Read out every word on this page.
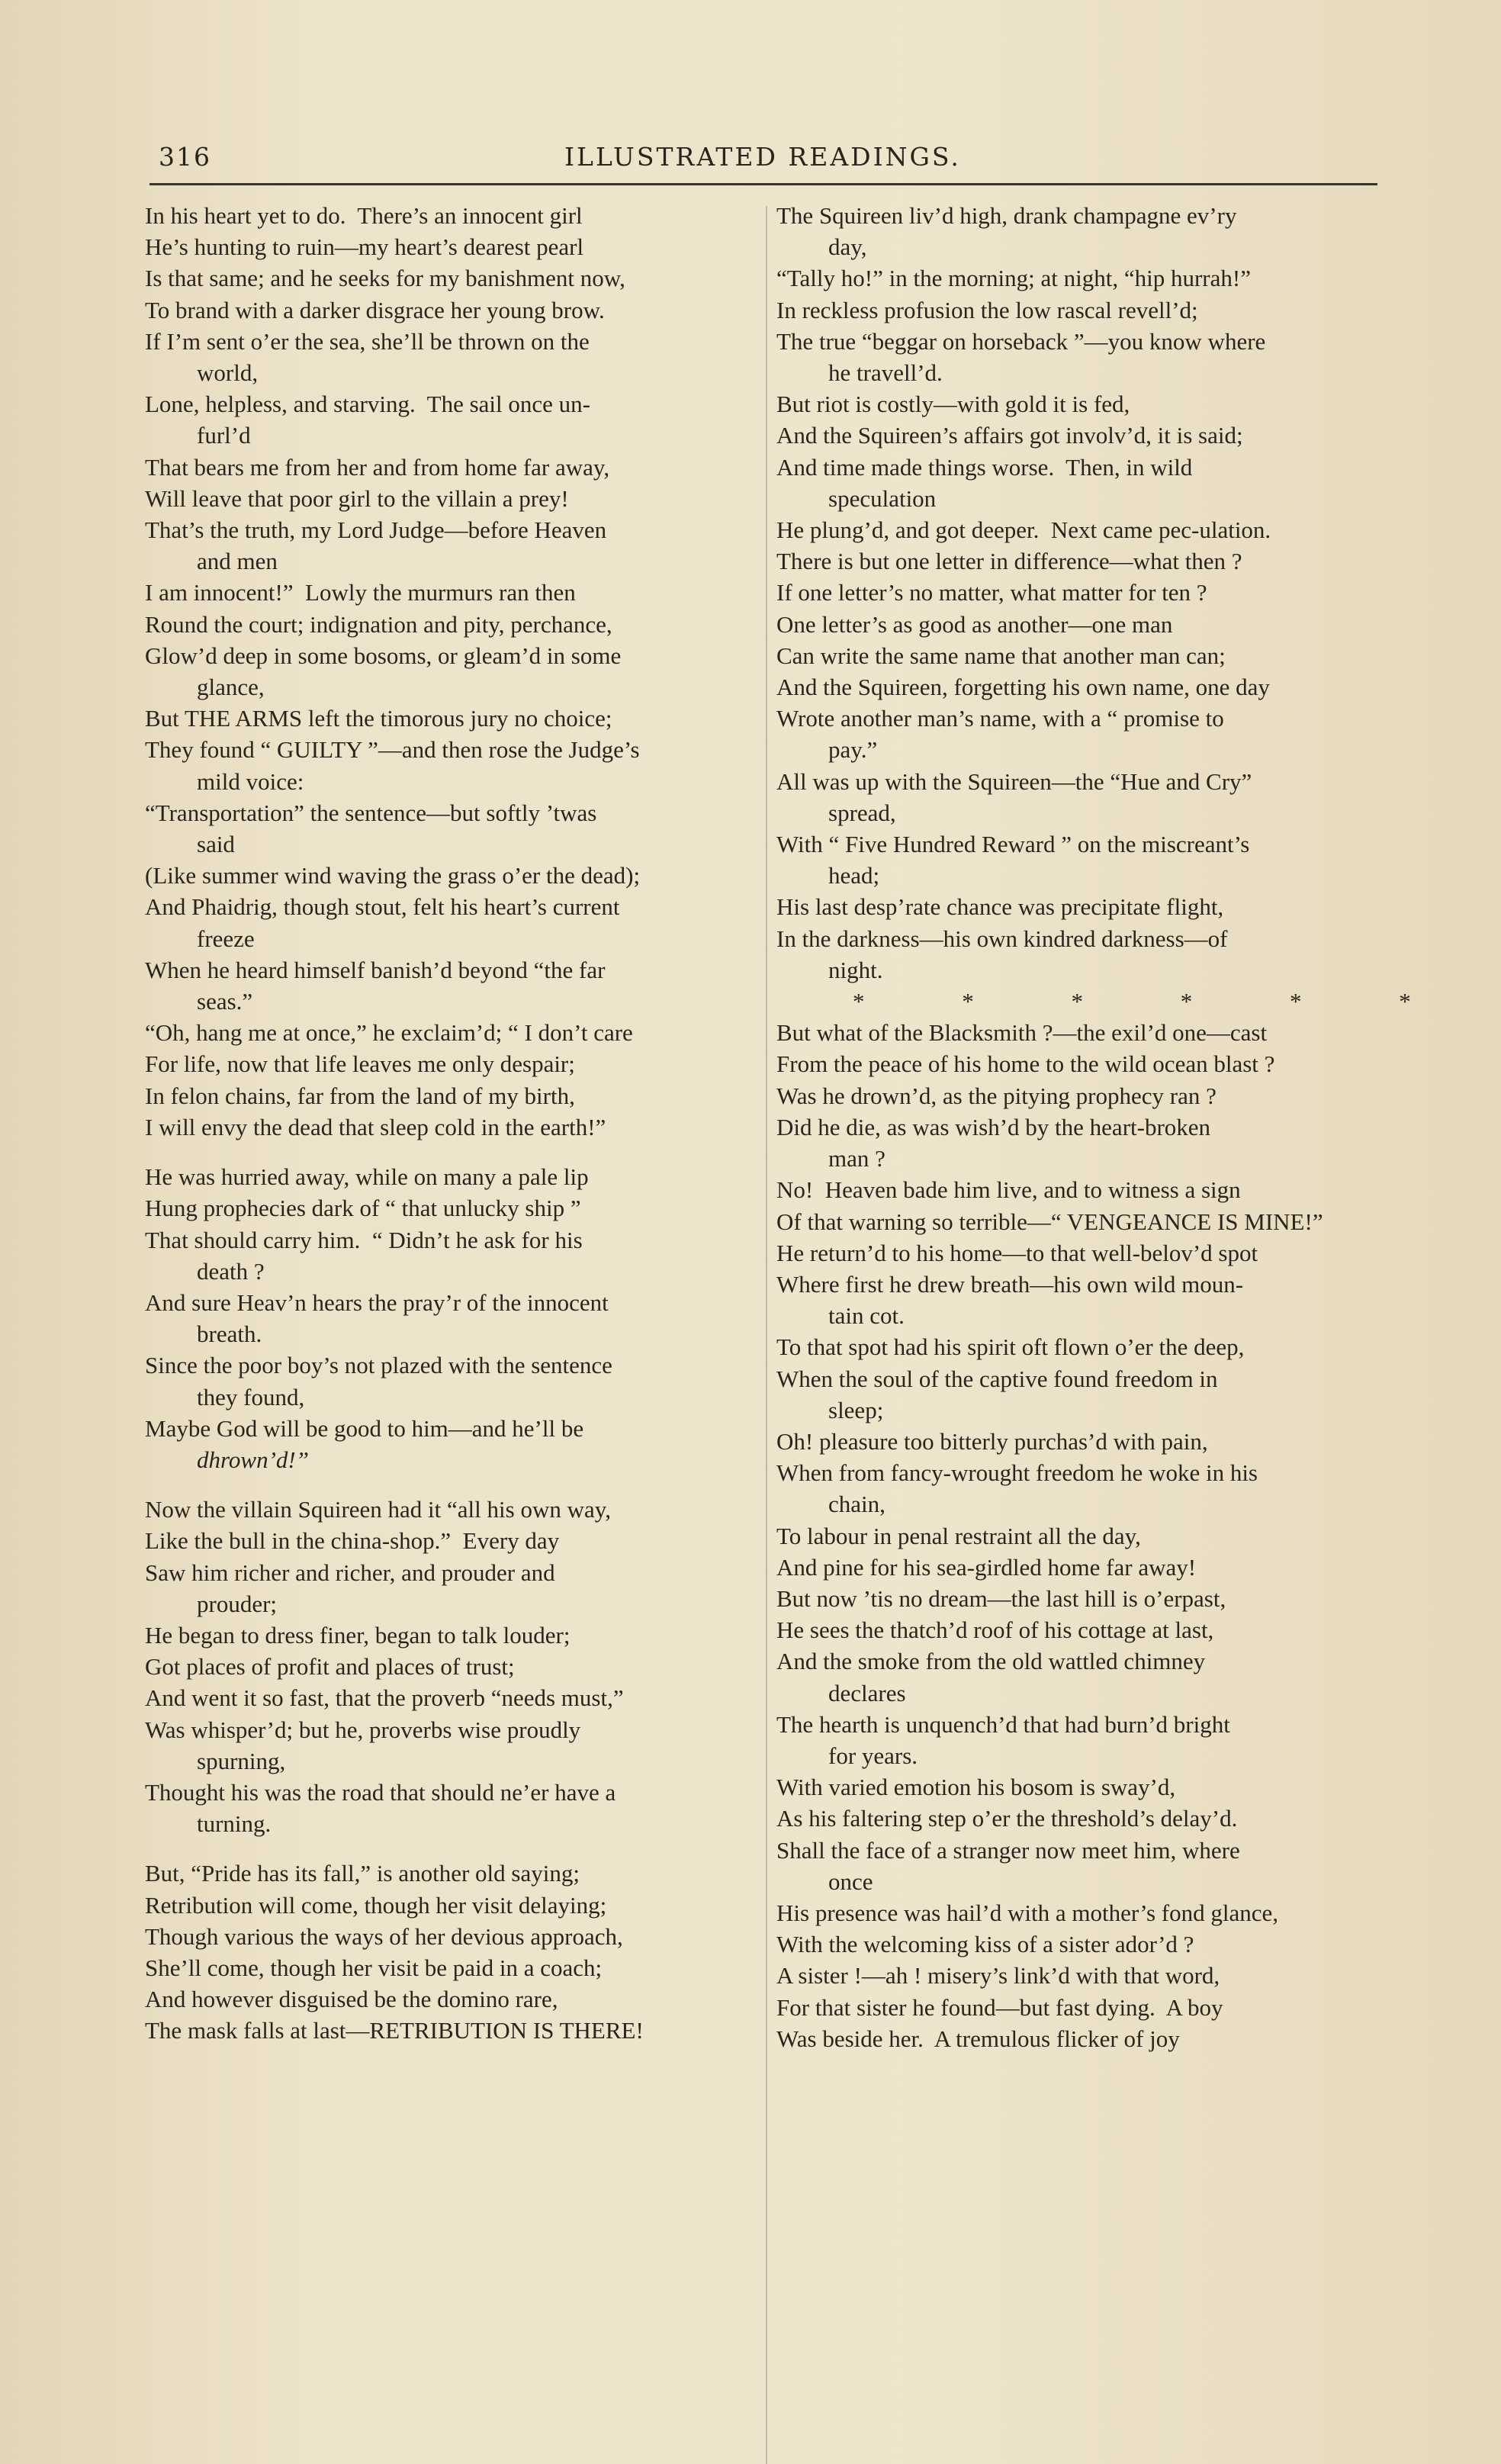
316	ILLUSTRATED READINGS.
In his heart yet to do.  There’s an innocent girl
He’s hunting to ruin—my heart’s dearest pearl
Is that same; and he seeks for my banishment now,
To brand with a darker disgrace her young brow.
If I’m sent o’er the sea, she’ll be thrown on the
world,
Lone, helpless, and starving.  The sail once un-
furl’d
That bears me from her and from home far away,
Will leave that poor girl to the villain a prey!
That’s the truth, my Lord Judge—before Heaven
and men
I am innocent!”  Lowly the murmurs ran then
Round the court; indignation and pity, perchance,
Glow’d deep in some bosoms, or gleam’d in some
glance,
But THE ARMS left the timorous jury no choice;
They found “ GUILTY ”—and then rose the Judge’s
mild voice:
“Transportation” the sentence—but softly ’twas
said
(Like summer wind waving the grass o’er the dead);
And Phaidrig, though stout, felt his heart’s current
freeze
When he heard himself banish’d beyond “the far
seas.”
“Oh, hang me at once,” he exclaim’d; “ I don’t care
For life, now that life leaves me only despair;
In felon chains, far from the land of my birth,
I will envy the dead that sleep cold in the earth!”
He was hurried away, while on many a pale lip
Hung prophecies dark of “ that unlucky ship ”
That should carry him.  “ Didn’t he ask for his
death ?
And sure Heav’n hears the pray’r of the innocent
breath.
Since the poor boy’s not plazed with the sentence
they found,
Maybe God will be good to him—and he’ll be
dhrown’d!”
Now the villain Squireen had it “all his own way,
Like the bull in the china-shop.”  Every day
Saw him richer and richer, and prouder and
prouder;
He began to dress finer, began to talk louder;
Got places of profit and places of trust;
And went it so fast, that the proverb “needs must,”
Was whisper’d; but he, proverbs wise proudly
spurning,
Thought his was the road that should ne’er have a
turning.
But, “Pride has its fall,” is another old saying;
Retribution will come, though her visit delaying;
Though various the ways of her devious approach,
She’ll come, though her visit be paid in a coach;
And however disguised be the domino rare,
The mask falls at last—RETRIBUTION IS THERE!
The Squireen liv’d high, drank champagne ev’ry
day,
“Tally ho!” in the morning; at night, “hip hurrah!”
In reckless profusion the low rascal revell’d;
The true “beggar on horseback ”—you know where
he travell’d.
But riot is costly—with gold it is fed,
And the Squireen’s affairs got involv’d, it is said;
And time made things worse.  Then, in wild
speculation
He plung’d, and got deeper.  Next came pec-ulation.
There is but one letter in difference—what then ?
If one letter’s no matter, what matter for ten ?
One letter’s as good as another—one man
Can write the same name that another man can;
And the Squireen, forgetting his own name, one day
Wrote another man’s name, with a “ promise to
pay.”
All was up with the Squireen—the “Hue and Cry”
spread,
With “ Five Hundred Reward ” on the miscreant’s
head;
His last desp’rate chance was precipitate flight,
In the darkness—his own kindred darkness—of
night.
* * * * * *
But what of the Blacksmith ?—the exil’d one—cast
From the peace of his home to the wild ocean blast ?
Was he drown’d, as the pitying prophecy ran ?
Did he die, as was wish’d by the heart-broken
man ?
No!  Heaven bade him live, and to witness a sign
Of that warning so terrible—“ VENGEANCE IS MINE!”
He return’d to his home—to that well-belov’d spot
Where first he drew breath—his own wild moun-
tain cot.
To that spot had his spirit oft flown o’er the deep,
When the soul of the captive found freedom in
sleep;
Oh! pleasure too bitterly purchas’d with pain,
When from fancy-wrought freedom he woke in his
chain,
To labour in penal restraint all the day,
And pine for his sea-girdled home far away!
But now ’tis no dream—the last hill is o’erpast,
He sees the thatch’d roof of his cottage at last,
And the smoke from the old wattled chimney
declares
The hearth is unquench’d that had burn’d bright
for years.
With varied emotion his bosom is sway’d,
As his faltering step o’er the threshold’s delay’d.
Shall the face of a stranger now meet him, where
once
His presence was hail’d with a mother’s fond glance,
With the welcoming kiss of a sister ador’d ?
A sister !—ah ! misery’s link’d with that word,
For that sister he found—but fast dying.  A boy
Was beside her.  A tremulous flicker of joy
